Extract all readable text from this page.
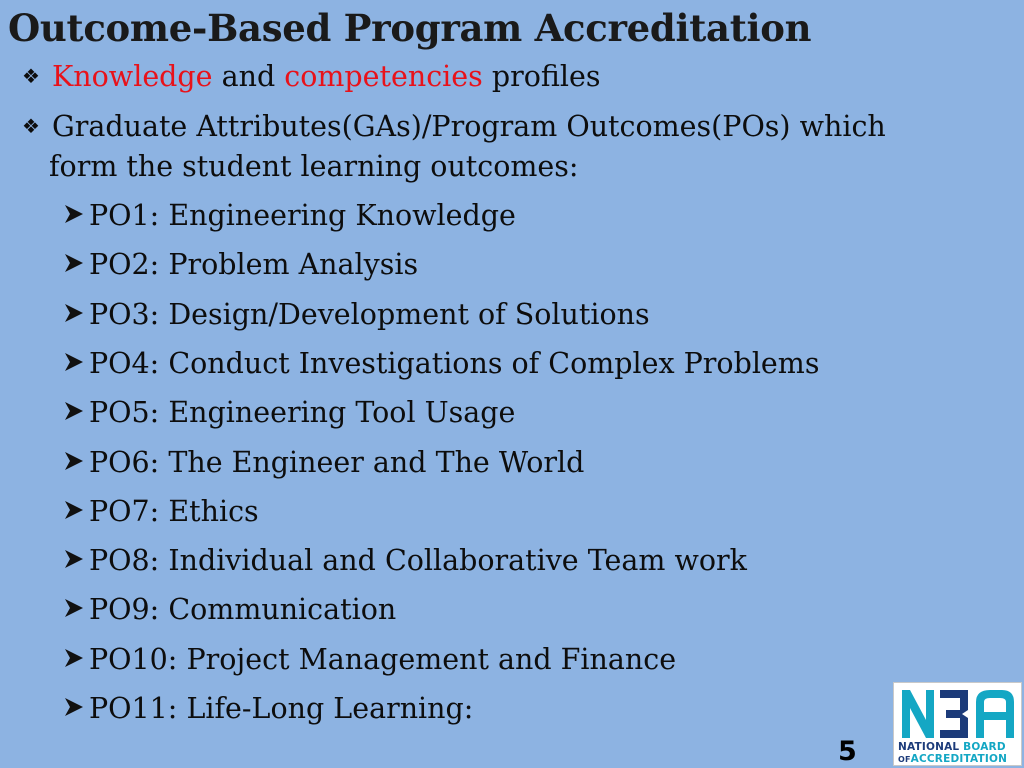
Outcome-Based Program Accreditation
❖ Knowledge and competencies profiles
❖ Graduate Attributes(GAs)/Program Outcomes(POs) which
form the student learning outcomes:
PO1: Engineering Knowledge
PO2: Problem Analysis
PO3: Design/Development of Solutions
PO4: Conduct Investigations of Complex Problems
PO5: Engineering Tool Usage
PO6: The Engineer and The World
PO7: Ethics
PO8: Individual and Collaborative Team work
PO9: Communication
PO10: Project Management and Finance
PO11: Life-Long Learning:
5	NATIONAL BOARD
OFACCREDITATION
